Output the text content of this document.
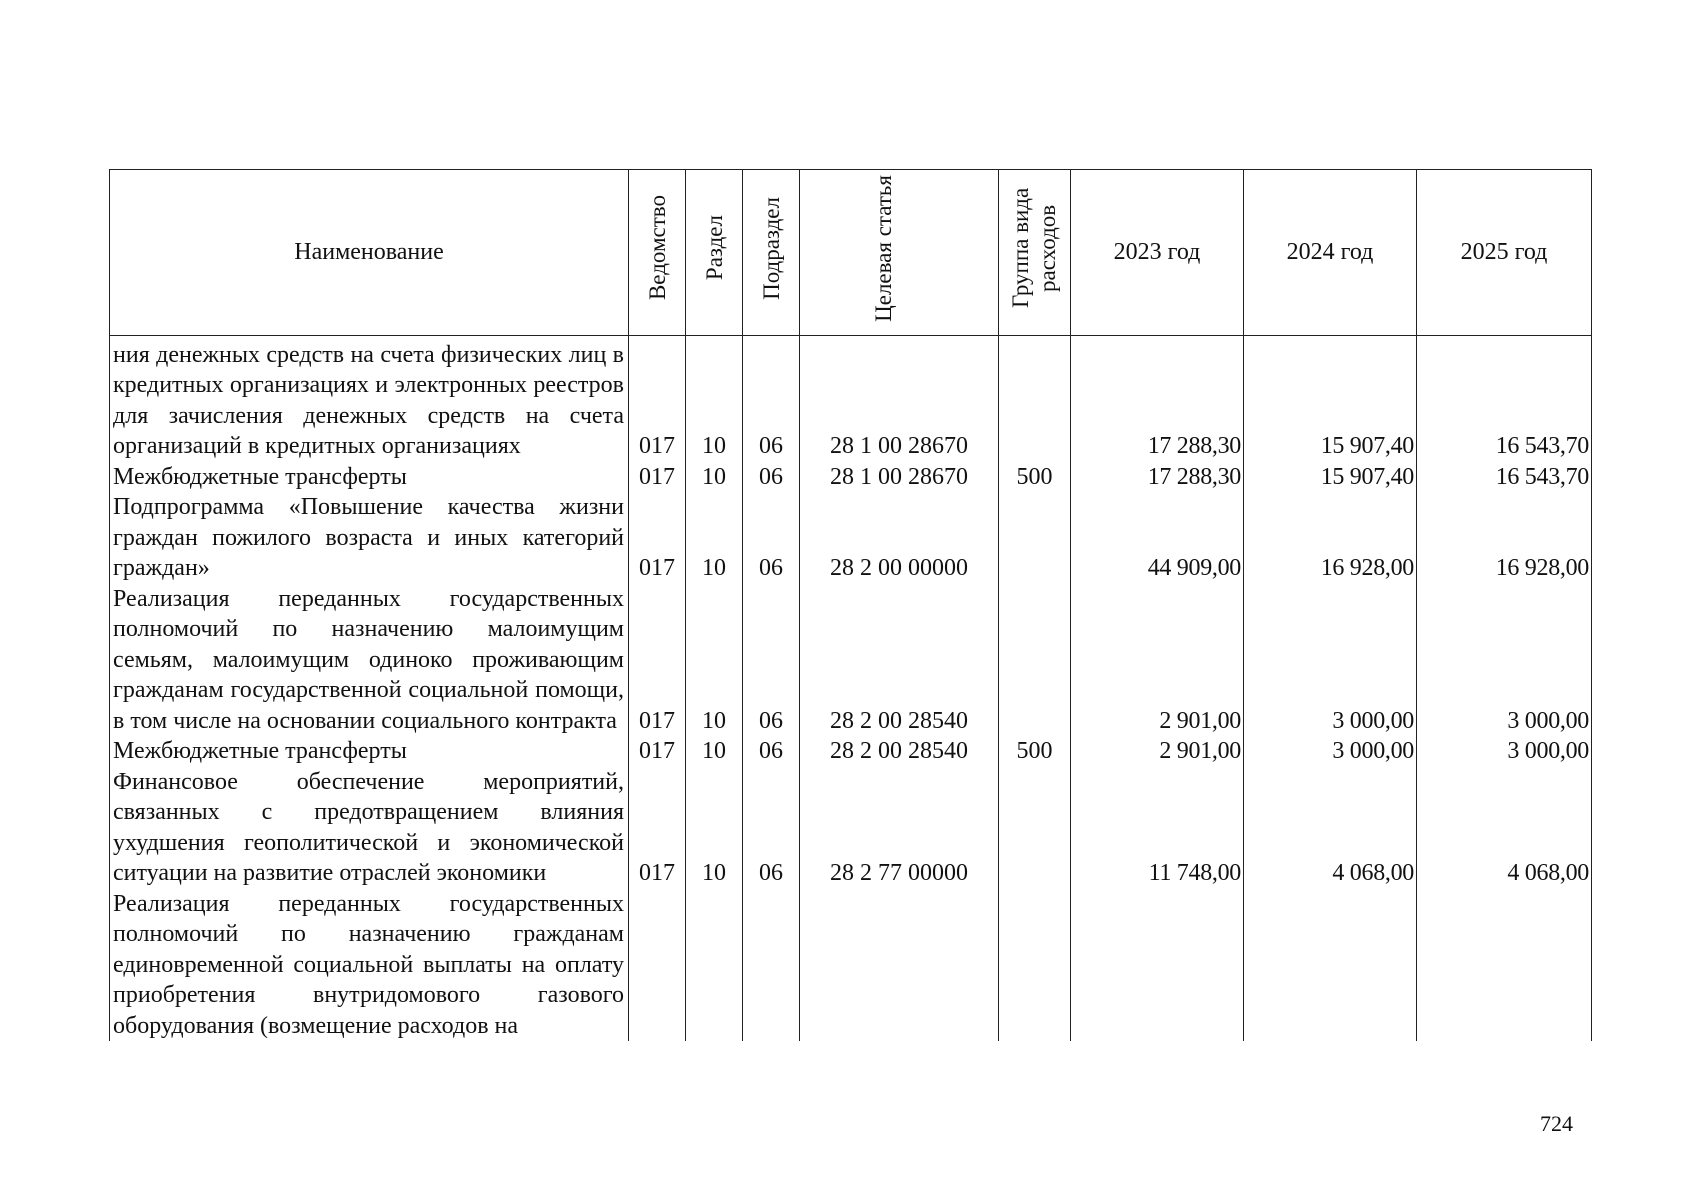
Наименование	Ведомство	Раздел	Подраздел	Целевая статья	Группа вида расходов	2023 год	2024 год	2025 год
ния денежных средств на счета физических лиц в кредитных организациях и электронных реестров для зачисления денежных средств на счета организаций в кредитных организациях	017	10	06	28 1 00 28670		17 288,30	15 907,40	16 543,70
Межбюджетные трансферты	017	10	06	28 1 00 28670	500	17 288,30	15 907,40	16 543,70
Подпрограмма «Повышение качества жизни граждан пожилого возраста и иных категорий граждан»	017	10	06	28 2 00 00000		44 909,00	16 928,00	16 928,00
Реализация переданных государственных полномочий по назначению малоимущим семьям, малоимущим одиноко проживающим гражданам государственной социальной помощи, в том числе на основании социального контракта	017	10	06	28 2 00 28540		2 901,00	3 000,00	3 000,00
Межбюджетные трансферты	017	10	06	28 2 00 28540	500	2 901,00	3 000,00	3 000,00
Финансовое обеспечение мероприятий, связанных с предотвращением влияния ухудшения геополитической и экономической ситуации на развитие отраслей экономики	017	10	06	28 2 77 00000		11 748,00	4 068,00	4 068,00
Реализация переданных государственных полномочий по назначению гражданам единовременной социальной выплаты на оплату приобретения внутридомового газового оборудования (возмещение расходов на								
724
